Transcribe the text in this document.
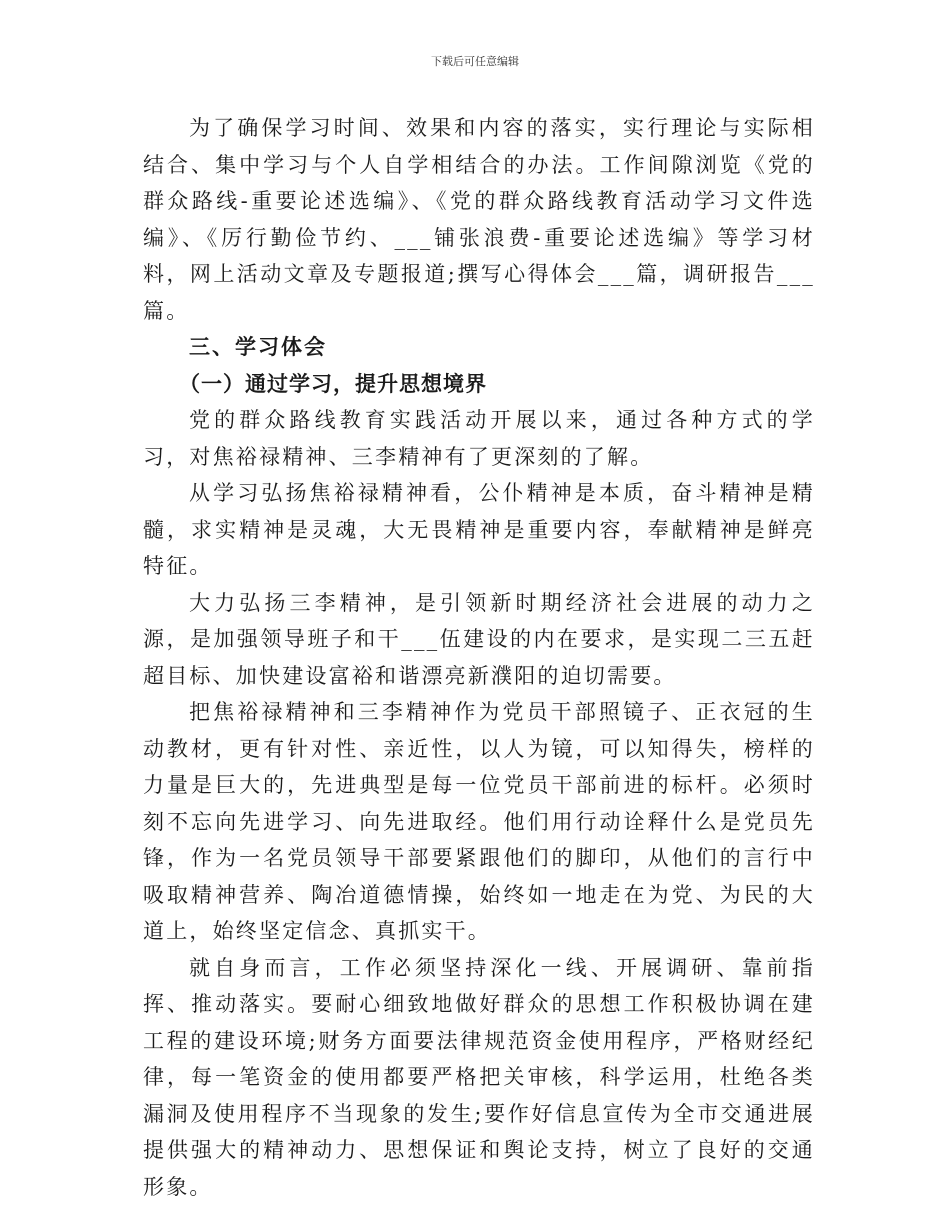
下载后可任意编辑

为了确保学习时间、效果和内容的落实，实行理论与实际相结合、集中学习与个人自学相结合的办法。工作间隙浏览《党的群众路线-重要论述选编》、《党的群众路线教育活动学习文件选编》、《厉行勤俭节约、___铺张浪费-重要论述选编》等学习材料，网上活动文章及专题报道;撰写心得体会___篇，调研报告___篇。

三、学习体会

（一）通过学习，提升思想境界

党的群众路线教育实践活动开展以来，通过各种方式的学习，对焦裕禄精神、三李精神有了更深刻的了解。

从学习弘扬焦裕禄精神看，公仆精神是本质，奋斗精神是精髓，求实精神是灵魂，大无畏精神是重要内容，奉献精神是鲜亮特征。

大力弘扬三李精神，是引领新时期经济社会进展的动力之源，是加强领导班子和干___伍建设的内在要求，是实现二三五赶超目标、加快建设富裕和谐漂亮新濮阳的迫切需要。

把焦裕禄精神和三李精神作为党员干部照镜子、正衣冠的生动教材，更有针对性、亲近性，以人为镜，可以知得失，榜样的力量是巨大的，先进典型是每一位党员干部前进的标杆。必须时刻不忘向先进学习、向先进取经。他们用行动诠释什么是党员先锋，作为一名党员领导干部要紧跟他们的脚印，从他们的言行中吸取精神营养、陶冶道德情操，始终如一地走在为党、为民的大道上，始终坚定信念、真抓实干。

就自身而言，工作必须坚持深化一线、开展调研、靠前指挥、推动落实。要耐心细致地做好群众的思想工作积极协调在建工程的建设环境;财务方面要法律规范资金使用程序，严格财经纪律，每一笔资金的使用都要严格把关审核，科学运用，杜绝各类漏洞及使用程序不当现象的发生;要作好信息宣传为全市交通进展提供强大的精神动力、思想保证和舆论支持，树立了良好的交通形象。
